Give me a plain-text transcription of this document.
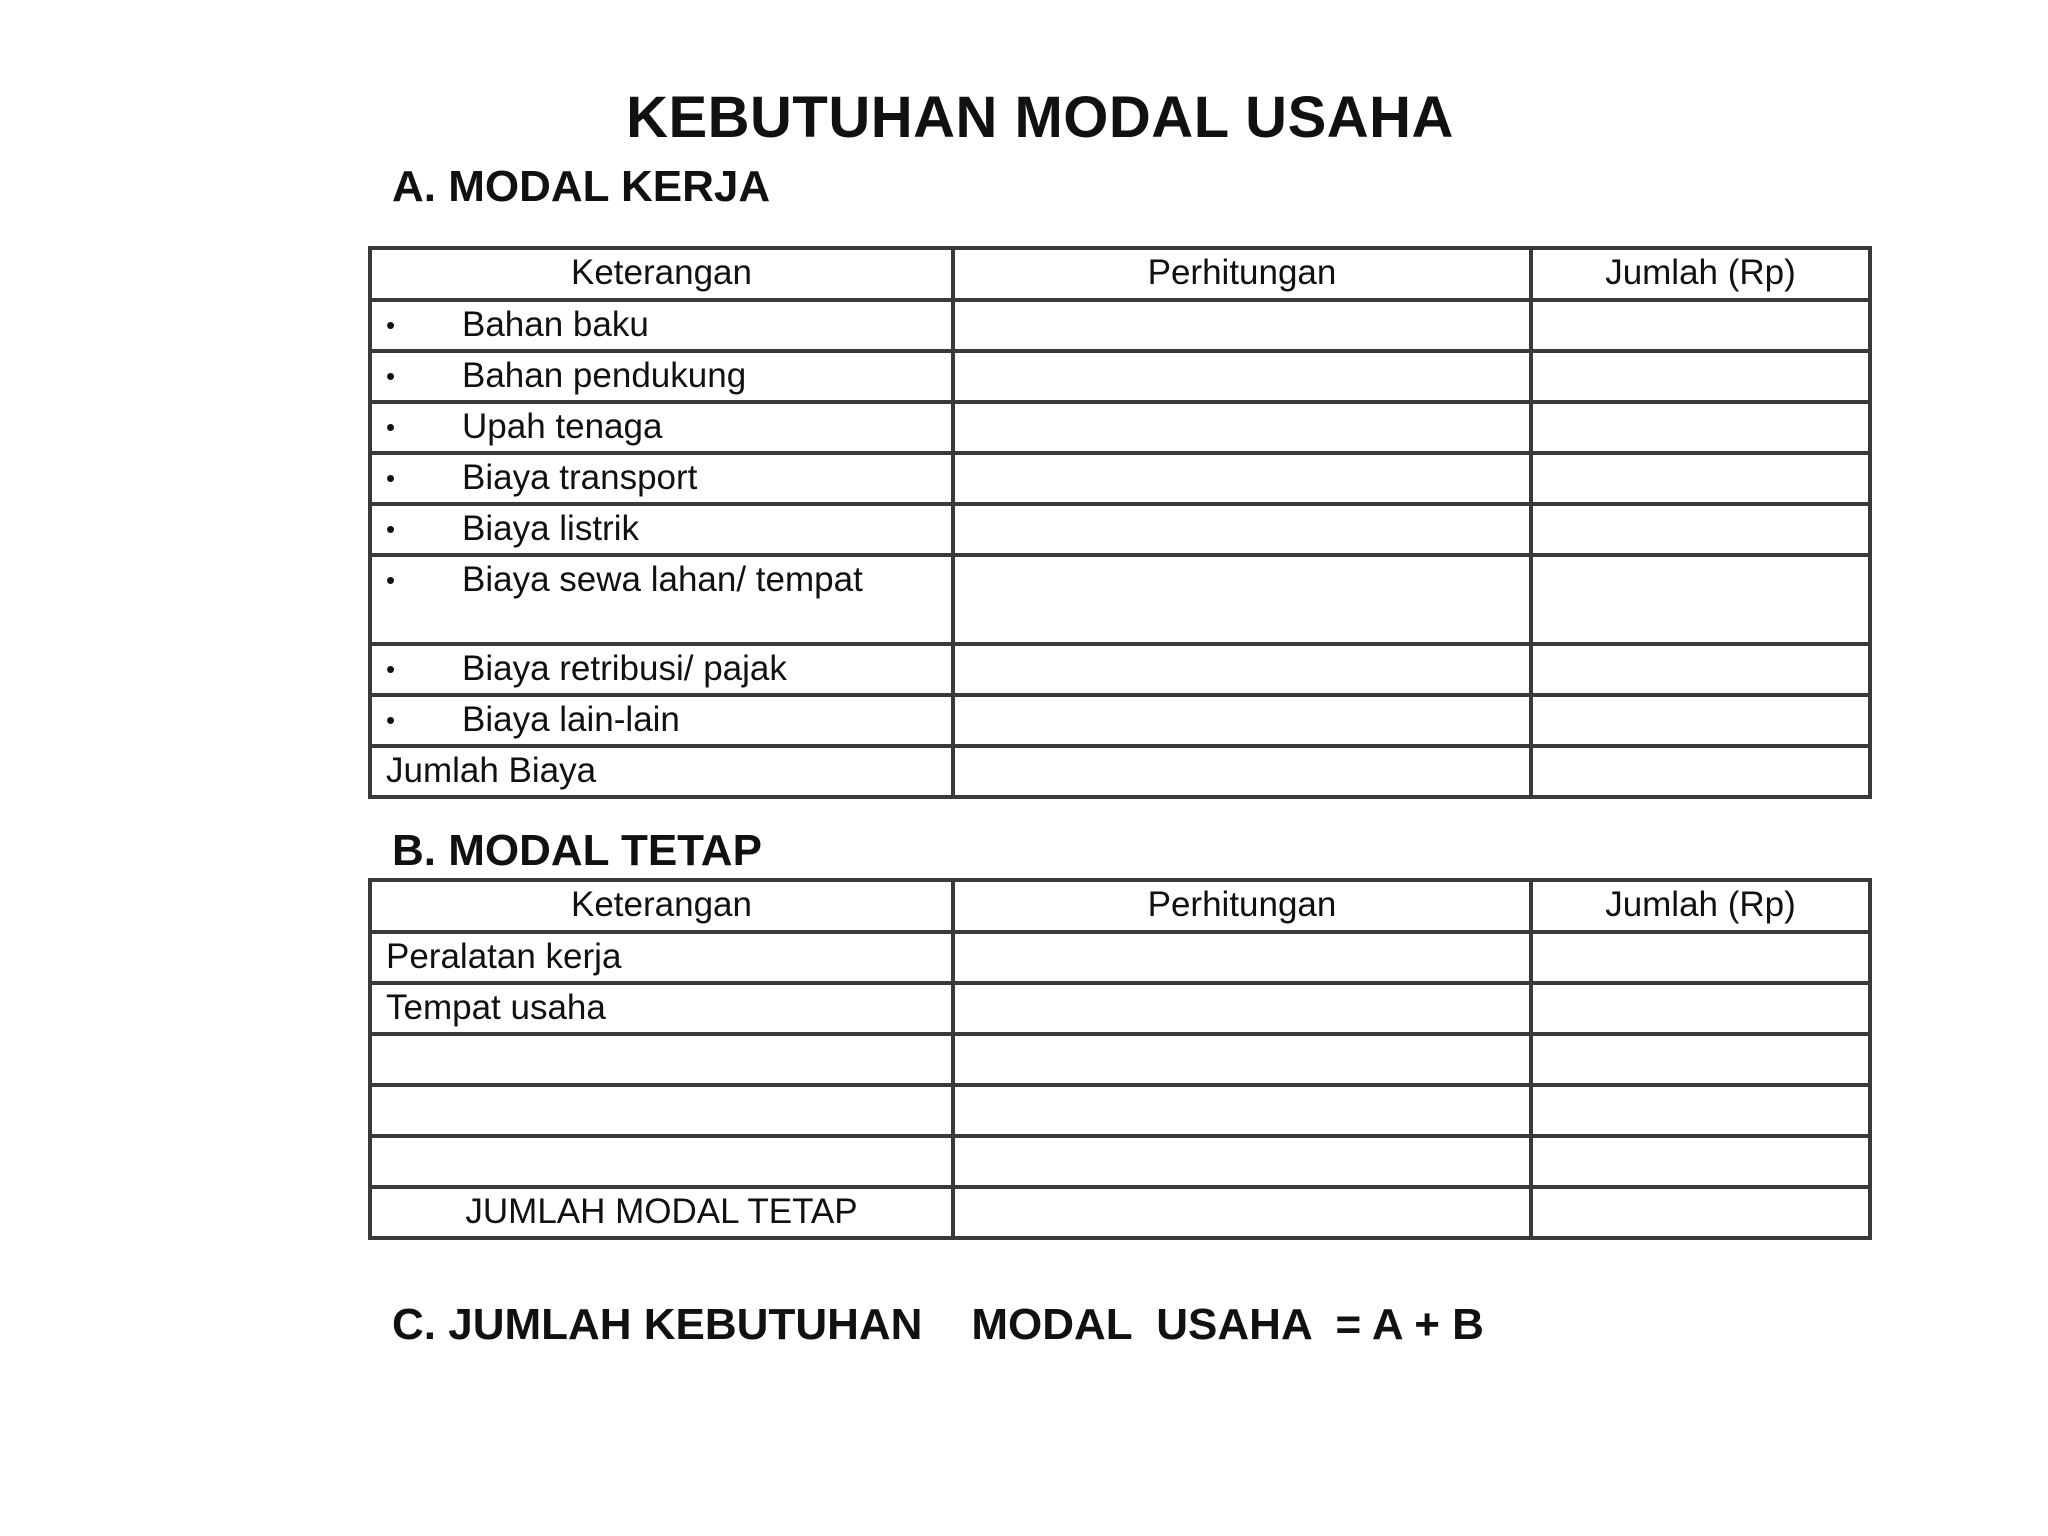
KEBUTUHAN MODAL USAHA
A. MODAL KERJA
Keterangan	Perhitungan	Jumlah (Rp)
• Bahan baku		
• Bahan pendukung		
• Upah tenaga		
• Biaya transport		
• Biaya listrik		
• Biaya sewa lahan/ tempat		
• Biaya retribusi/ pajak		
• Biaya lain-lain		
Jumlah Biaya		
B. MODAL TETAP
Keterangan	Perhitungan	Jumlah (Rp)
Peralatan kerja		
Tempat usaha		

JUMLAH MODAL TETAP		
C. JUMLAH KEBUTUHAN    MODAL  USAHA  = A + B
